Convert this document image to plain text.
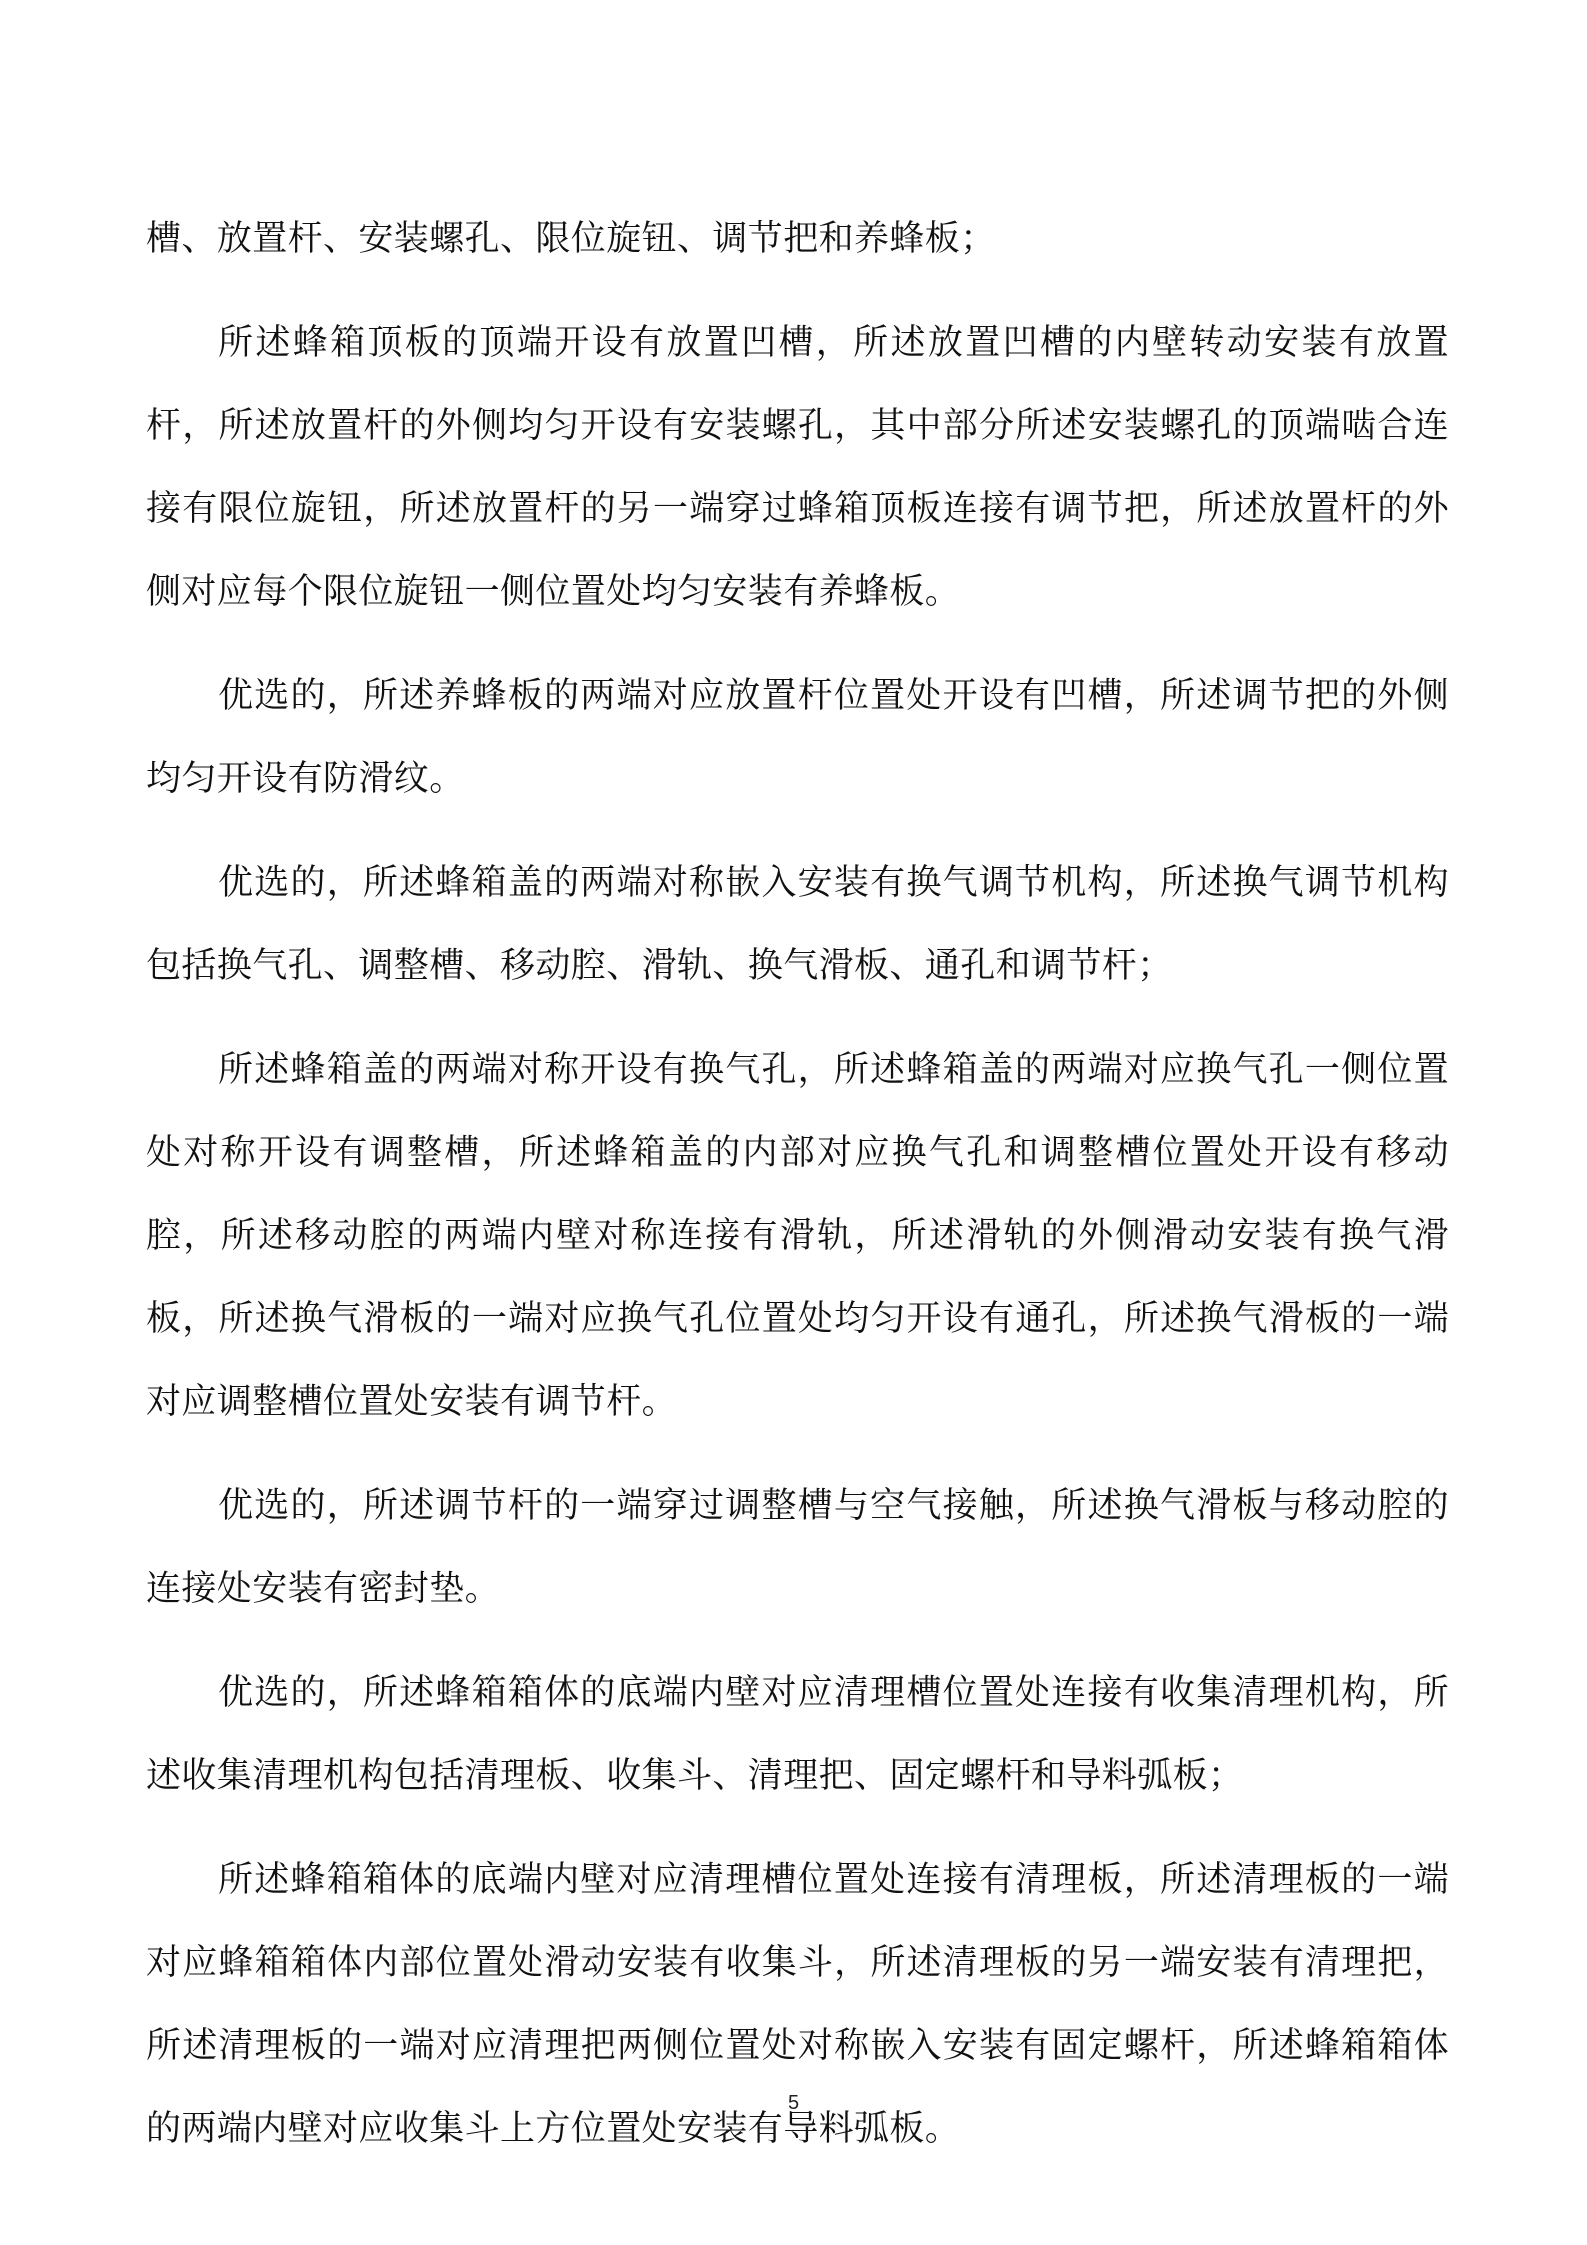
槽、放置杆、安装螺孔、限位旋钮、调节把和养蜂板；

所述蜂箱顶板的顶端开设有放置凹槽，所述放置凹槽的内壁转动安装有放置杆，所述放置杆的外侧均匀开设有安装螺孔，其中部分所述安装螺孔的顶端啮合连接有限位旋钮，所述放置杆的另一端穿过蜂箱顶板连接有调节把，所述放置杆的外侧对应每个限位旋钮一侧位置处均匀安装有养蜂板。

优选的，所述养蜂板的两端对应放置杆位置处开设有凹槽，所述调节把的外侧均匀开设有防滑纹。

优选的，所述蜂箱盖的两端对称嵌入安装有换气调节机构，所述换气调节机构包括换气孔、调整槽、移动腔、滑轨、换气滑板、通孔和调节杆；

所述蜂箱盖的两端对称开设有换气孔，所述蜂箱盖的两端对应换气孔一侧位置处对称开设有调整槽，所述蜂箱盖的内部对应换气孔和调整槽位置处开设有移动腔，所述移动腔的两端内壁对称连接有滑轨，所述滑轨的外侧滑动安装有换气滑板，所述换气滑板的一端对应换气孔位置处均匀开设有通孔，所述换气滑板的一端对应调整槽位置处安装有调节杆。

优选的，所述调节杆的一端穿过调整槽与空气接触，所述换气滑板与移动腔的连接处安装有密封垫。

优选的，所述蜂箱箱体的底端内壁对应清理槽位置处连接有收集清理机构，所述收集清理机构包括清理板、收集斗、清理把、固定螺杆和导料弧板；

所述蜂箱箱体的底端内壁对应清理槽位置处连接有清理板，所述清理板的一端对应蜂箱箱体内部位置处滑动安装有收集斗，所述清理板的另一端安装有清理把，所述清理板的一端对应清理把两侧位置处对称嵌入安装有固定螺杆，所述蜂箱箱体的两端内壁对应收集斗上方位置处安装有导料弧板。

5
